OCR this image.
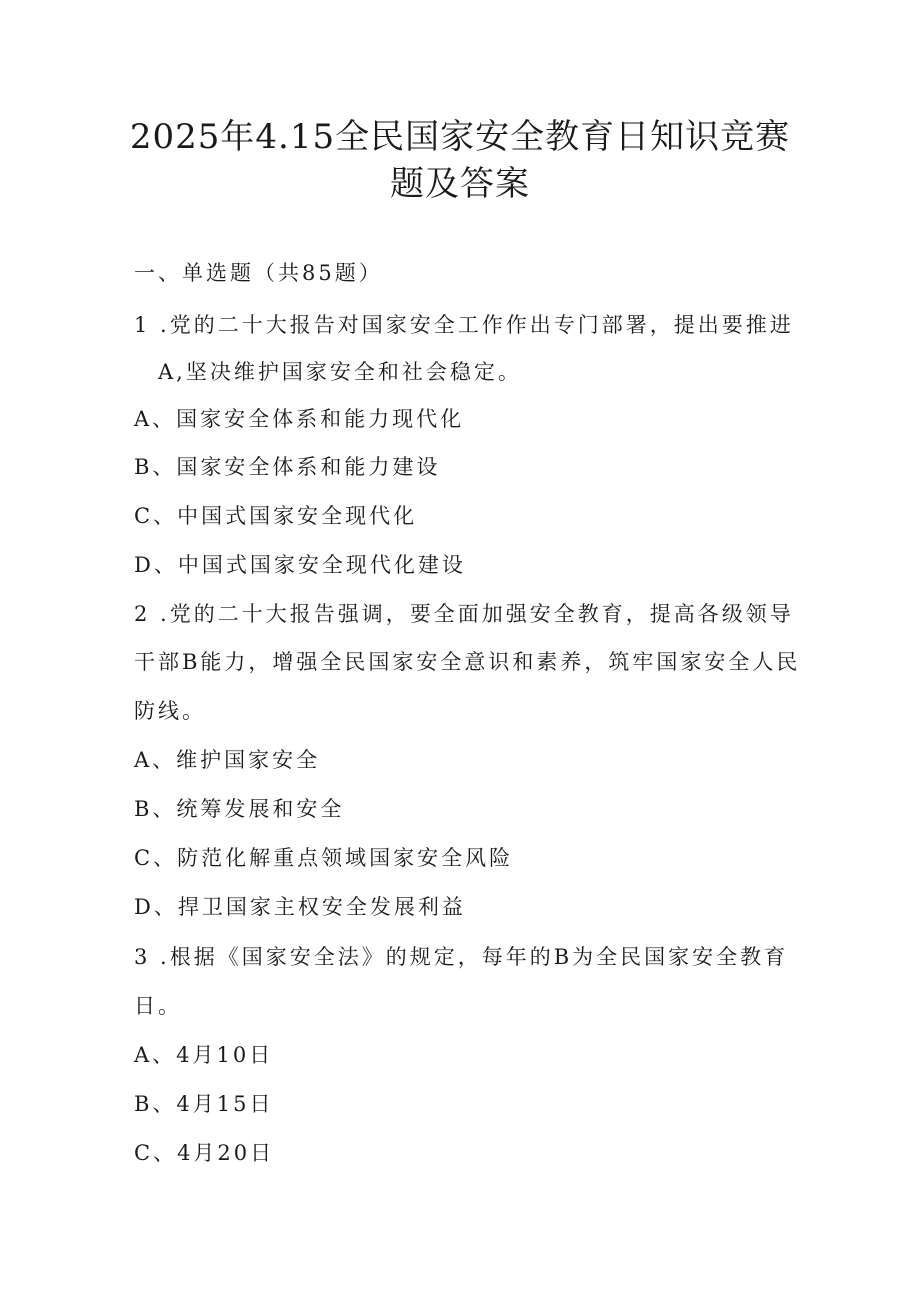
2025年4.15全民国家安全教育日知识竞赛
题及答案

一、单选题（共85题）

1 .党的二十大报告对国家安全工作作出专门部署，提出要推进

A,坚决维护国家安全和社会稳定。

A、国家安全体系和能力现代化

B、国家安全体系和能力建设

C、中国式国家安全现代化

D、中国式国家安全现代化建设

2 .党的二十大报告强调，要全面加强安全教育，提高各级领导

干部B能力，增强全民国家安全意识和素养，筑牢国家安全人民

防线。

A、维护国家安全

B、统筹发展和安全

C、防范化解重点领域国家安全风险

D、捍卫国家主权安全发展利益

3 .根据《国家安全法》的规定，每年的B为全民国家安全教育

日。

A、4月10日

B、4月15日

C、4月20日
